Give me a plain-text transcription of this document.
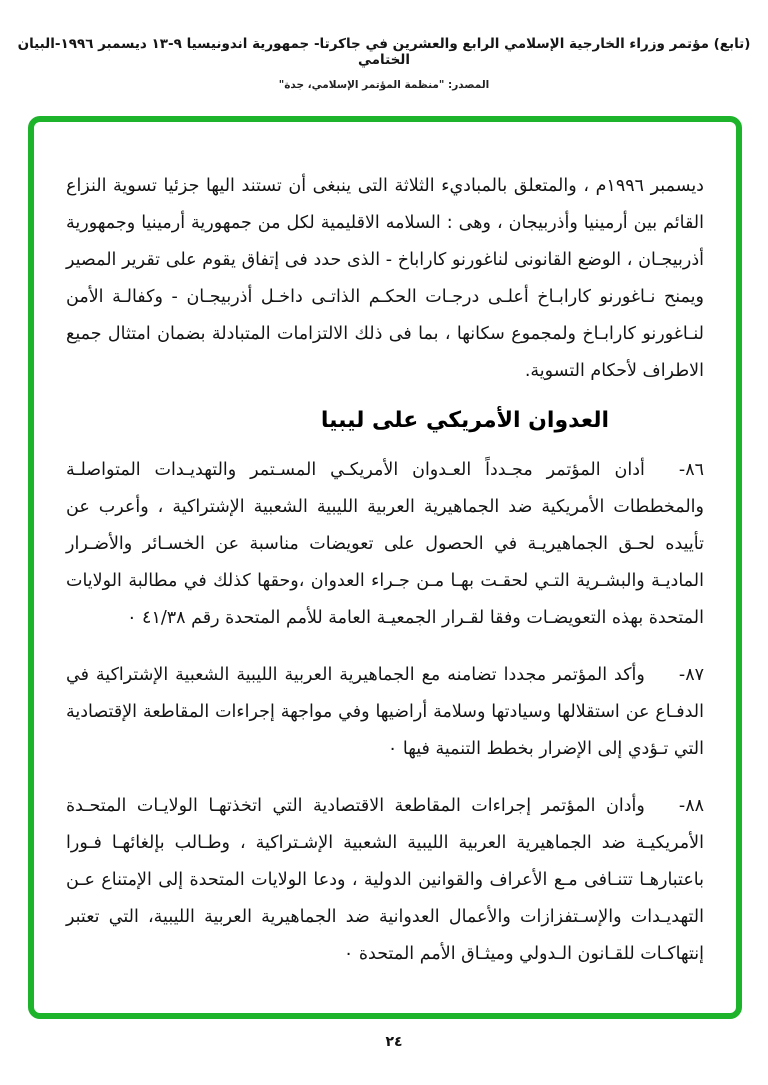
(تابع) مؤتمر وزراء الخارجية الإسلامي الرابع والعشرين في جاكرتا- جمهورية اندونيسيا ٩-١٣ ديسمبر ١٩٩٦-البيان الختامي
المصدر: "منظمة المؤتمر الإسلامي، جدة"

ديسمبر ١٩٩٦م ، والمتعلق بالمباديء الثلاثة التى ينبغى أن تستند اليها جزئيا تسوية النزاع القائم بين أرمينيا وأذربيجان ، وهى : السلامه الاقليمية لكل من جمهورية أرمينيا وجمهورية أذربيجـان ، الوضع القانونى لناغورنو كاراباخ - الذى حدد فى إتفاق يقوم على تقرير المصير ويمنح نـاغورنو كارابـاخ أعلـى درجـات الحكـم الذاتـى داخـل أذربيجـان - وكفالـة الأمن لنـاغورنو كارابـاخ ولمجموع سكانها ، بما فى ذلك الالتزامات المتبادلة بضمان امتثال جميع الاطراف لأحكام التسوية.

العدوان الأمريكي على ليبيا
٨٦-أدان المؤتمر مجـدداً العـدوان الأمريكـي المسـتمر والتهديـدات المتواصلـة والمخططات الأمريكية ضد الجماهيرية العربية الليبية الشعبية الإشتراكية ، وأعرب عن تأييده لحـق الجماهيريـة في الحصول على تعويضات مناسبة عن الخسـائر والأضـرار الماديـة والبشـرية التـي لحقـت بهـا مـن جـراء العدوان ،وحقها كذلك في مطالبة الولايات المتحدة بهذه التعويضـات وفقا لقـرار الجمعيـة العامة للأمم المتحدة رقم ٤١/٣٨ ٠
٨٧-وأكد المؤتمر مجددا تضامنه مع الجماهيرية العربية الليبية الشعبية الإشتراكية في الدفـاع عن استقلالها وسيادتها وسلامة أراضيها وفي مواجهة إجراءات المقاطعة الإقتصادية التي تـؤدي إلى الإضرار بخطط التنمية فيها ٠
٨٨-وأدان المؤتمر إجراءات المقاطعة الاقتصادية التي اتخذتهـا الولايـات المتحـدة الأمريكيـة ضد الجماهيرية العربية الليبية الشعبية الإشـتراكية ، وطـالب بإلغائهـا فـورا باعتبارهـا تتنـافى مـع الأعراف والقوانين الدولية ، ودعا الولايات المتحدة إلى الإمتناع عـن التهديـدات والإسـتفزازات والأعمال العدوانية ضد الجماهيرية العربية الليبية، التي تعتبر إنتهاكـات للقـانون الـدولي وميثـاق الأمم المتحدة ٠
٢٤
